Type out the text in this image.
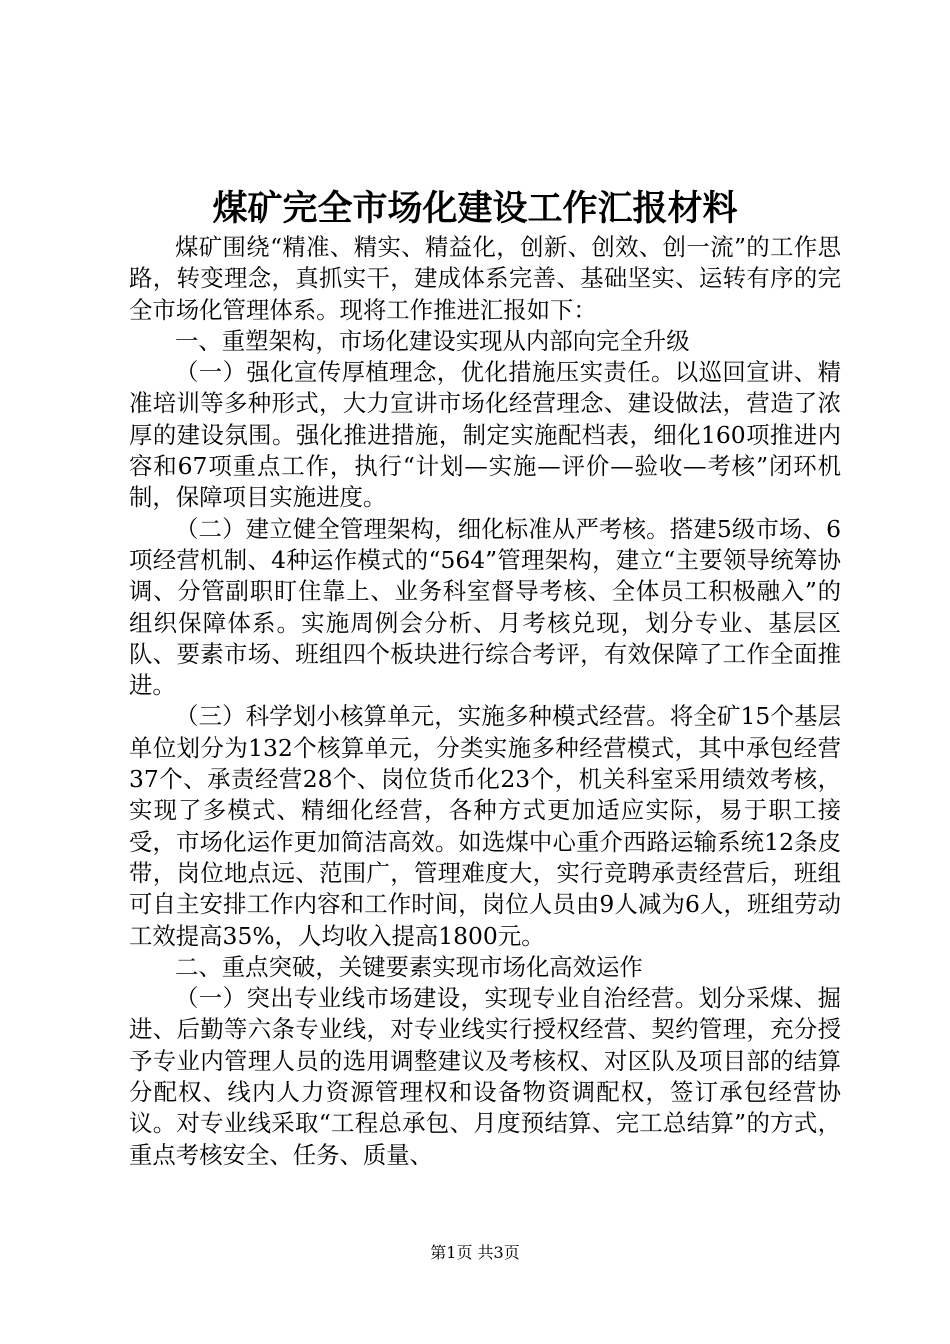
煤矿完全市场化建设工作汇报材料

煤矿围绕“精准、精实、精益化，创新、创效、创一流”的工作思路，转变理念，真抓实干，建成体系完善、基础坚实、运转有序的完全市场化管理体系。现将工作推进汇报如下：

一、重塑架构，市场化建设实现从内部向完全升级

（一）强化宣传厚植理念，优化措施压实责任。以巡回宣讲、精准培训等多种形式，大力宣讲市场化经营理念、建设做法，营造了浓厚的建设氛围。强化推进措施，制定实施配档表，细化160项推进内容和67项重点工作，执行“计划—实施—评价—验收—考核”闭环机制，保障项目实施进度。

（二）建立健全管理架构，细化标准从严考核。搭建5级市场、6项经营机制、4种运作模式的“564”管理架构，建立“主要领导统筹协调、分管副职盯住靠上、业务科室督导考核、全体员工积极融入”的组织保障体系。实施周例会分析、月考核兑现，划分专业、基层区队、要素市场、班组四个板块进行综合考评，有效保障了工作全面推进。

（三）科学划小核算单元，实施多种模式经营。将全矿15个基层单位划分为132个核算单元，分类实施多种经营模式，其中承包经营37个、承责经营28个、岗位货币化23个，机关科室采用绩效考核，实现了多模式、精细化经营，各种方式更加适应实际，易于职工接受，市场化运作更加简洁高效。如选煤中心重介西路运输系统12条皮带，岗位地点远、范围广，管理难度大，实行竞聘承责经营后，班组可自主安排工作内容和工作时间，岗位人员由9人减为6人，班组劳动工效提高35%，人均收入提高1800元。

二、重点突破，关键要素实现市场化高效运作

（一）突出专业线市场建设，实现专业自治经营。划分采煤、掘进、后勤等六条专业线，对专业线实行授权经营、契约管理，充分授予专业内管理人员的选用调整建议及考核权、对区队及项目部的结算分配权、线内人力资源管理权和设备物资调配权，签订承包经营协议。对专业线采取“工程总承包、月度预结算、完工总结算”的方式，重点考核安全、任务、质量、

第1页 共3页
